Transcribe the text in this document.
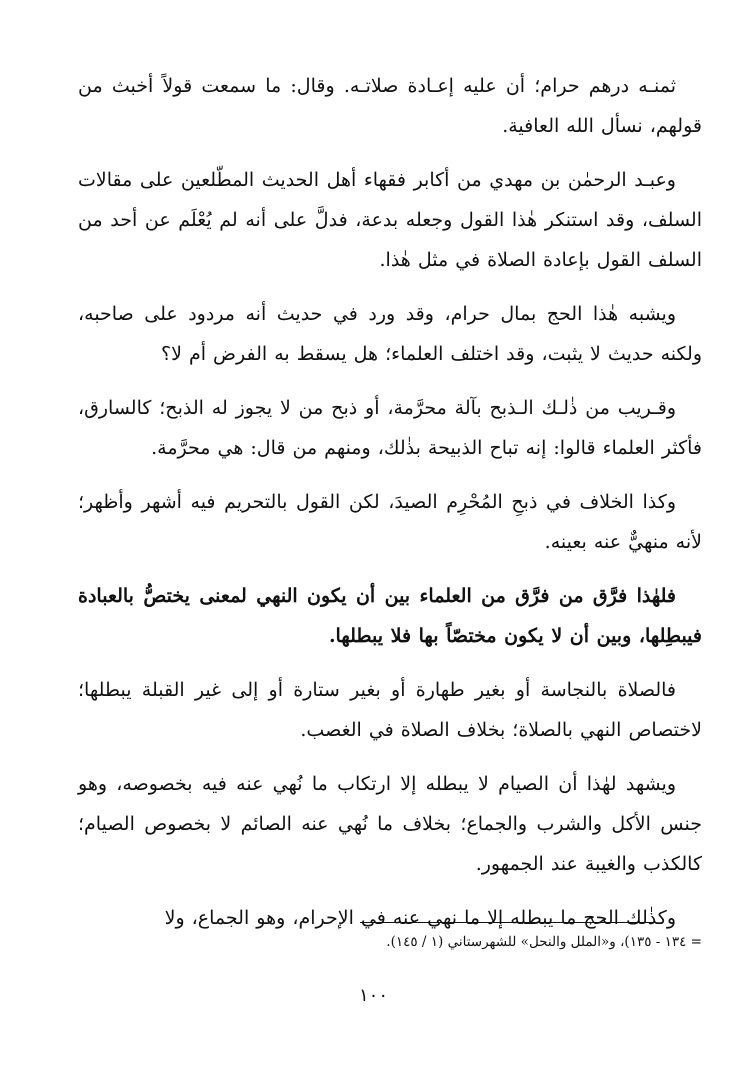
ثمنـه درهم حرام؛ أن عليه إعـادة صلاتـه. وقال: ما سمعت قولاً أخبث من قولهم، نسأل الله العافية.

وعبـد الرحمٰن بن مهدي من أكابر فقهاء أهل الحديث المطّلعين على مقالات السلف، وقد استنكر هٰذا القول وجعله بدعة، فدلَّ على أنه لم يُعْلَم عن أحد من السلف القول بإعادة الصلاة في مثل هٰذا.

ويشبه هٰذا الحج بمال حرام، وقد ورد في حديث أنه مردود على صاحبه، ولكنه حديث لا يثبت، وقد اختلف العلماء؛ هل يسقط به الفرض أم لا؟

وقـريب من ذٰلـك الـذبح بآلة محرَّمة، أو ذبح من لا يجوز له الذبح؛ كالسارق، فأكثر العلماء قالوا: إنه تباح الذبيحة بذٰلك، ومنهم من قال: هي محرَّمة.

وكذا الخلاف في ذبحِ المُحْرِم الصيدَ، لكن القول بالتحريم فيه أشهر وأظهر؛ لأنه منهيٌّ عنه بعينه.

فلهٰذا فرَّق من فرَّق من العلماء بين أن يكون النهي لمعنى يختصُّ بالعبادة فيبطِلها، وبين أن لا يكون مختصّاً بها فلا يبطلها.

فالصلاة بالنجاسة أو بغير طهارة أو بغير ستارة أو إلى غير القبلة يبطلها؛ لاختصاص النهي بالصلاة؛ بخلاف الصلاة في الغصب.

ويشهد لهٰذا أن الصيام لا يبطله إلا ارتكاب ما نُهي عنه فيه بخصوصه، وهو جنس الأكل والشرب والجماع؛ بخلاف ما نُهي عنه الصائم لا بخصوص الصيام؛ كالكذب والغيبة عند الجمهور.

وكذٰلك الحج ما يبطله إلا ما نهي عنه في الإحرام، وهو الجماع، ولا

= ١٣٤ - ١٣٥)، و«الملل والنحل» للشهرستاني (١ / ١٤٥).
١٠٠
